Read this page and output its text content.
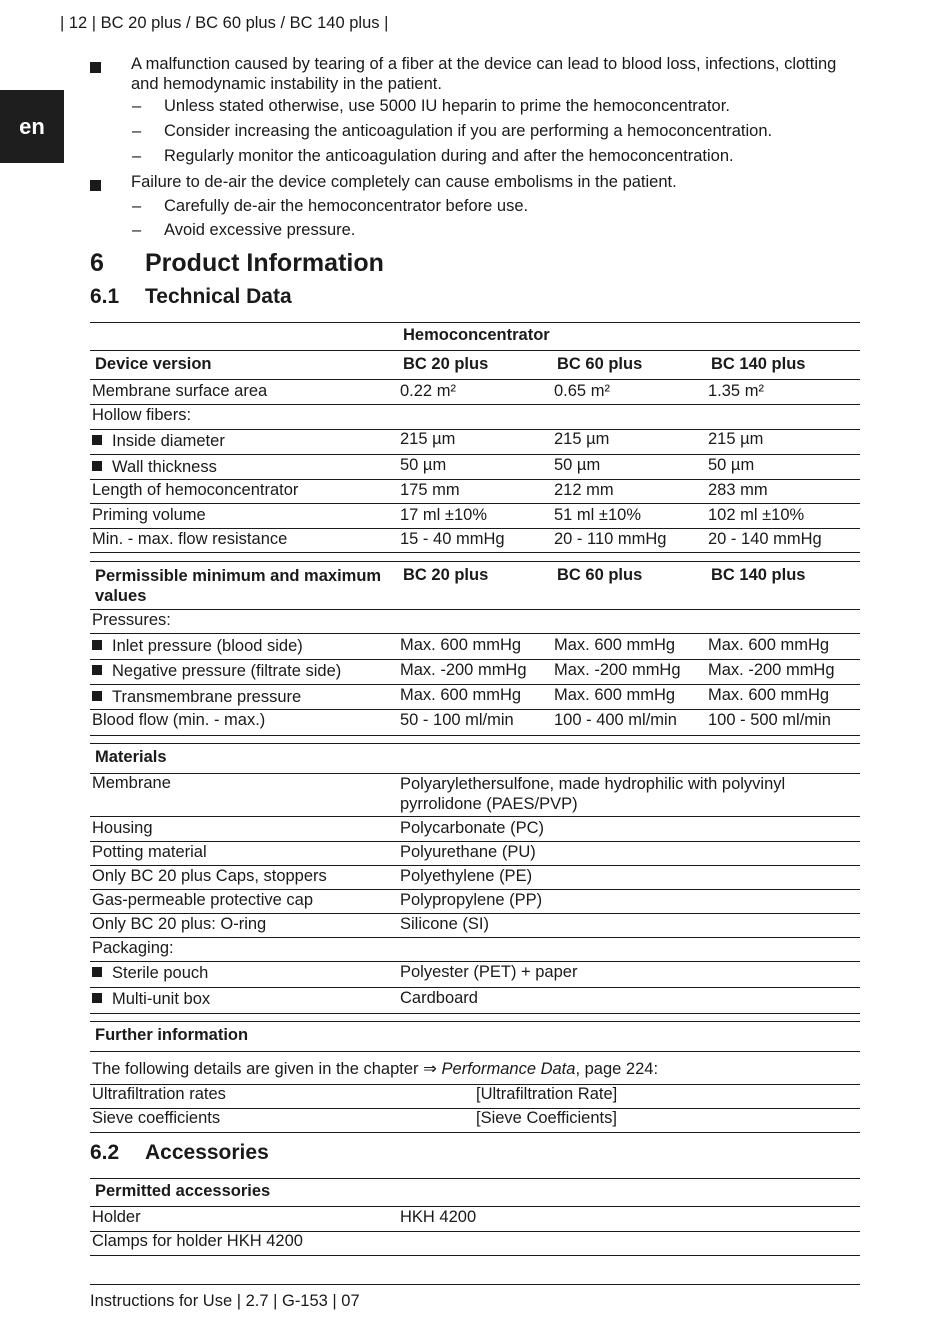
| 12 | BC 20 plus / BC 60 plus / BC 140 plus |
en
A malfunction caused by tearing of a fiber at the device can lead to blood loss, infections, clotting and hemodynamic instability in the patient.
– Unless stated otherwise, use 5000 IU heparin to prime the hemoconcentrator.
– Consider increasing the anticoagulation if you are performing a hemoconcentration.
– Regularly monitor the anticoagulation during and after the hemoconcentration.
Failure to de-air the device completely can cause embolisms in the patient.
– Carefully de-air the hemoconcentrator before use.
– Avoid excessive pressure.
6 Product Information
6.1 Technical Data
Hemoconcentrator
Device version	BC 20 plus	BC 60 plus	BC 140 plus
Membrane surface area	0.22 m²	0.65 m²	1.35 m²
Hollow fibers:
Inside diameter	215 µm	215 µm	215 µm
Wall thickness	50 µm	50 µm	50 µm
Length of hemoconcentrator	175 mm	212 mm	283 mm
Priming volume	17 ml ±10%	51 ml ±10%	102 ml ±10%
Min. - max. flow resistance	15 - 40 mmHg	20 - 110 mmHg	20 - 140 mmHg
Permissible minimum and maximum values
BC 20 plus	BC 60 plus	BC 140 plus
Pressures:
Inlet pressure (blood side)	Max. 600 mmHg Max. 600 mmHg Max. 600 mmHg
Negative pressure (filtrate side)	Max. -200 mmHg Max. -200 mmHg Max. -200 mmHg
Transmembrane pressure	Max. 600 mmHg Max. 600 mmHg Max. 600 mmHg
Blood flow (min. - max.)	50 - 100 ml/min 100 - 400 ml/min 100 - 500 ml/min
Materials
Membrane	Polyarylethersulfone, made hydrophilic with polyvinyl pyrrolidone (PAES/PVP)
Housing	Polycarbonate (PC)
Potting material	Polyurethane (PU)
Only BC 20 plus Caps, stoppers	Polyethylene (PE)
Gas-permeable protective cap	Polypropylene (PP)
Only BC 20 plus: O-ring	Silicone (SI)
Packaging:
Sterile pouch	Polyester (PET) + paper
Multi-unit box	Cardboard
Further information
The following details are given in the chapter ⇒ Performance Data, page 224:
Ultrafiltration rates	[Ultrafiltration Rate]
Sieve coefficients	[Sieve Coefficients]
6.2 Accessories
Permitted accessories
Holder	HKH 4200
Clamps for holder HKH 4200
Instructions for Use | 2.7 | G-153 | 07
